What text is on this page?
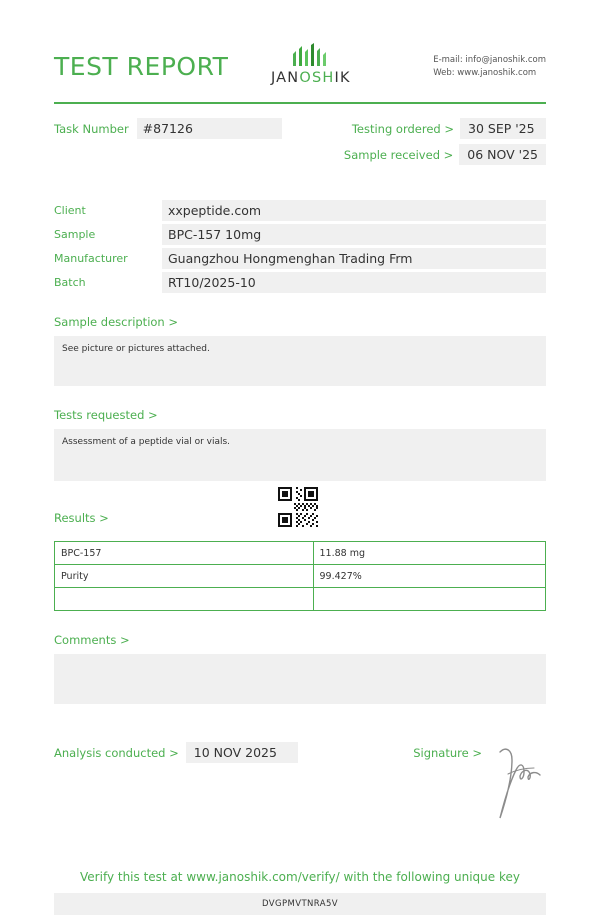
TEST REPORT	JANOSHIK
E-mail: info@janoshik.com
Web: www.janoshik.com
Task Number	#87126	Testing ordered >	30 SEP '25
Sample received >	06 NOV '25
Client	xxpeptide.com
Sample	BPC-157 10mg
Manufacturer	Guangzhou Hongmenghan Trading Frm
Batch	RT10/2025-10
Sample description >
See picture or pictures attached.
Tests requested >
Assessment of a peptide vial or vials.
Results >
BPC-157	11.88 mg
Purity	99.427%

Comments >
Analysis conducted >	10 NOV 2025	Signature >
Verify this test at www.janoshik.com/verify/ with the following unique key
DVGPMVTNRA5V
